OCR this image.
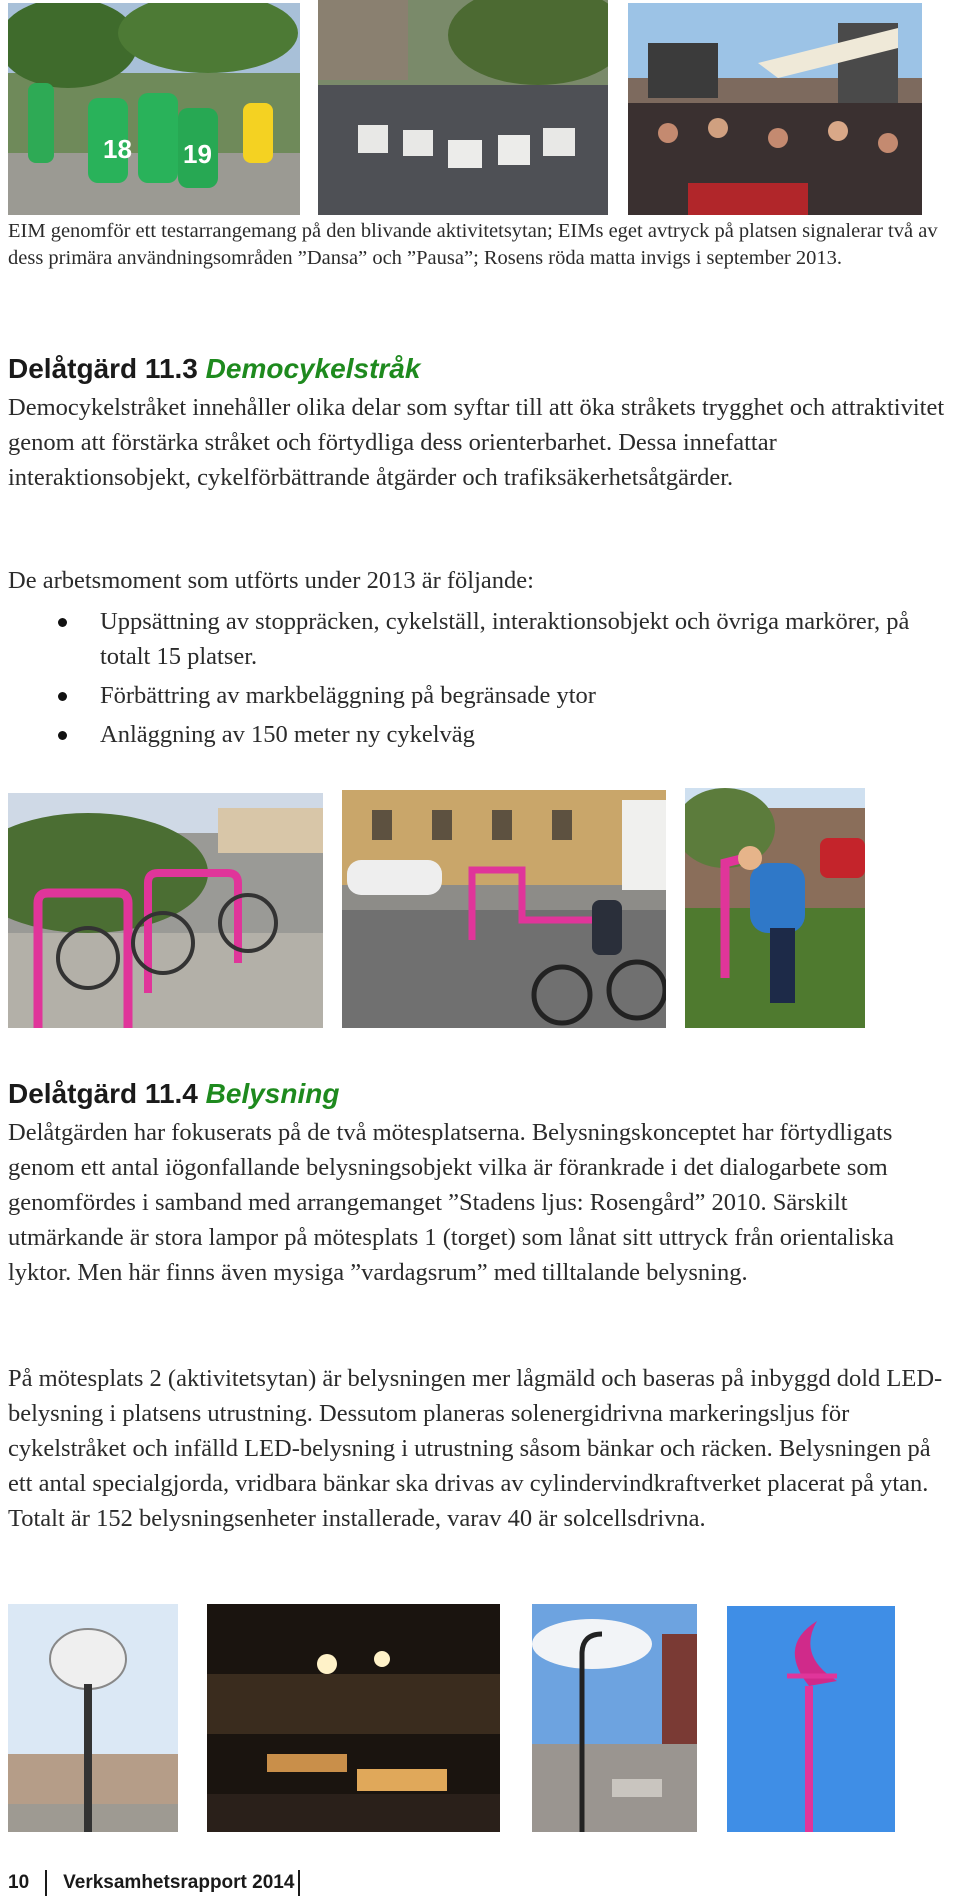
18 19
EIM genomför ett testarrangemang på den blivande aktivitetsytan; EIMs eget avtryck på platsen signalerar två av dess primära användningsområden ”Dansa” och ”Pausa”; Rosens röda matta invigs i september 2013.
Delåtgärd 11.3 Democykelstråk

Democykelstråket innehåller olika delar som syftar till att öka stråkets trygghet och attraktivitet genom att förstärka stråket och förtydliga dess orienterbarhet. Dessa innefattar interaktionsobjekt, cykelförbättrande åtgärder och trafiksäkerhetsåtgärder.

De arbetsmoment som utförts under 2013 är följande:

Uppsättning av stoppräcken, cykelställ, interaktionsobjekt och övriga markörer, på totalt 15 platser.
Förbättring av markbeläggning på begränsade ytor
Anläggning av 150 meter ny cykelväg
Delåtgärd 11.4 Belysning

Delåtgärden har fokuserats på de två mötesplatserna. Belysningskonceptet har förtydligats genom ett antal iögonfallande belysningsobjekt vilka är förankrade i det dialogarbete som genomfördes i samband med arrangemanget ”Stadens ljus: Rosengård” 2010. Särskilt utmärkande är stora lampor på mötesplats 1 (torget) som lånat sitt uttryck från orientaliska lyktor. Men här finns även mysiga ”vardagsrum” med tilltalande belysning.

På mötesplats 2 (aktivitetsytan) är belysningen mer lågmäld och baseras på inbyggd dold LED-belysning i platsens utrustning. Dessutom planeras solenergidrivna markeringsljus för cykelstråket och infälld LED-belysning i utrustning såsom bänkar och räcken. Belysningen på ett antal specialgjorda, vridbara bänkar ska drivas av cylindervindkraftverket placerat på ytan. Totalt är 152 belysningsenheter installerade, varav 40 är solcellsdrivna.

10 Verksamhetsrapport 2014
